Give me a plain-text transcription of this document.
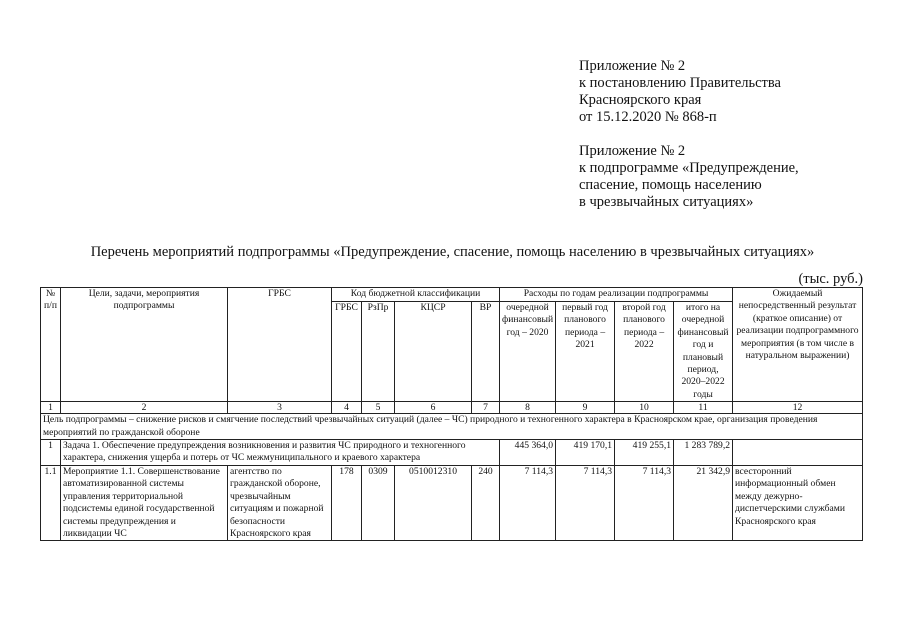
Приложение № 2
к постановлению Правительства
Красноярского края
от 15.12.2020 № 868-п
Приложение № 2
к подпрограмме «Предупреждение,
спасение, помощь населению
в чрезвычайных ситуациях»
Перечень мероприятий подпрограммы «Предупреждение, спасение, помощь населению в чрезвычайных ситуациях»
(тыс. руб.)
№ п/п	Цели, задачи, мероприятия подпрограммы	ГРБС	Код бюджетной классификации				Расходы по годам реализации подпрограммы				Ожидаемый непосредственный результат (краткое описание) от реализации подпрограммного мероприятия (в том числе в натуральном выражении)
			ГРБС	РзПр	КЦСР	ВР	очередной финансовый год – 2020	первый год планового периода – 2021	второй год планового периода – 2022	итого на очередной финансовый год и плановый период, 2020–2022 годы	
1	2	3	4	5	6	7	8	9	10	11	12
Цель подпрограммы – снижение рисков и смягчение последствий чрезвычайных ситуаций (далее – ЧС) природного и техногенного характера в Красноярском крае, организация проведения мероприятий по гражданской обороне											
1	Задача 1. Обеспечение предупреждения возникновения и развития ЧС природного и техногенного характера, снижения ущерба и потерь от ЧС межмуниципального и краевого характера						445 364,0	419 170,1	419 255,1	1 283 789,2	
1.1	Мероприятие 1.1. Совершенствование автоматизированной системы управления территориальной подсистемы единой государственной системы предупреждения и ликвидации ЧС	агентство по гражданской обороне, чрезвычайным ситуациям и пожарной безопасности Красноярского края	178	0309	0510012310	240	7 114,3	7 114,3	7 114,3	21 342,9	всесторонний информационный обмен между дежурно-диспетчерскими службами Красноярского края
